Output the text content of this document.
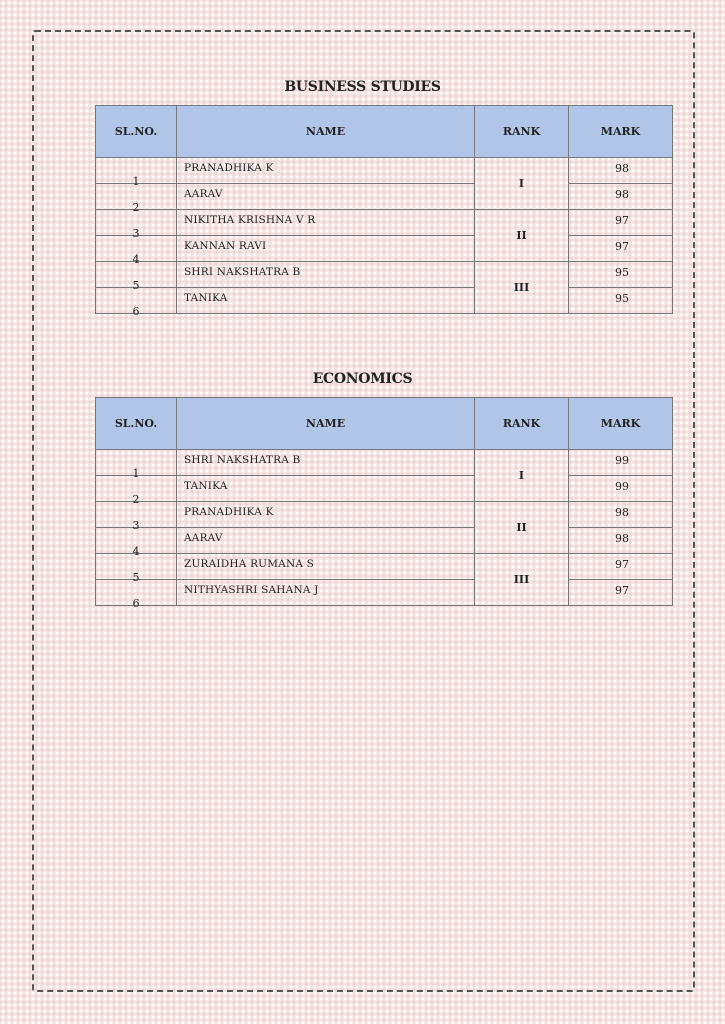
BUSINESS STUDIES
SL.NO.	NAME	RANK	MARK
1	PRANADHIKA K	I	98
2	AARAV		98
3	NIKITHA KRISHNA V R	II	97
4	KANNAN RAVI		97
5	SHRI NAKSHATRA B	III	95
6	TANIKA		95
ECONOMICS
SL.NO.	NAME	RANK	MARK
1	SHRI NAKSHATRA B	I	99
2	TANIKA		99
3	PRANADHIKA K	II	98
4	AARAV		98
5	ZURAIDHA RUMANA S	III	97
6	NITHYASHRI SAHANA J		97
